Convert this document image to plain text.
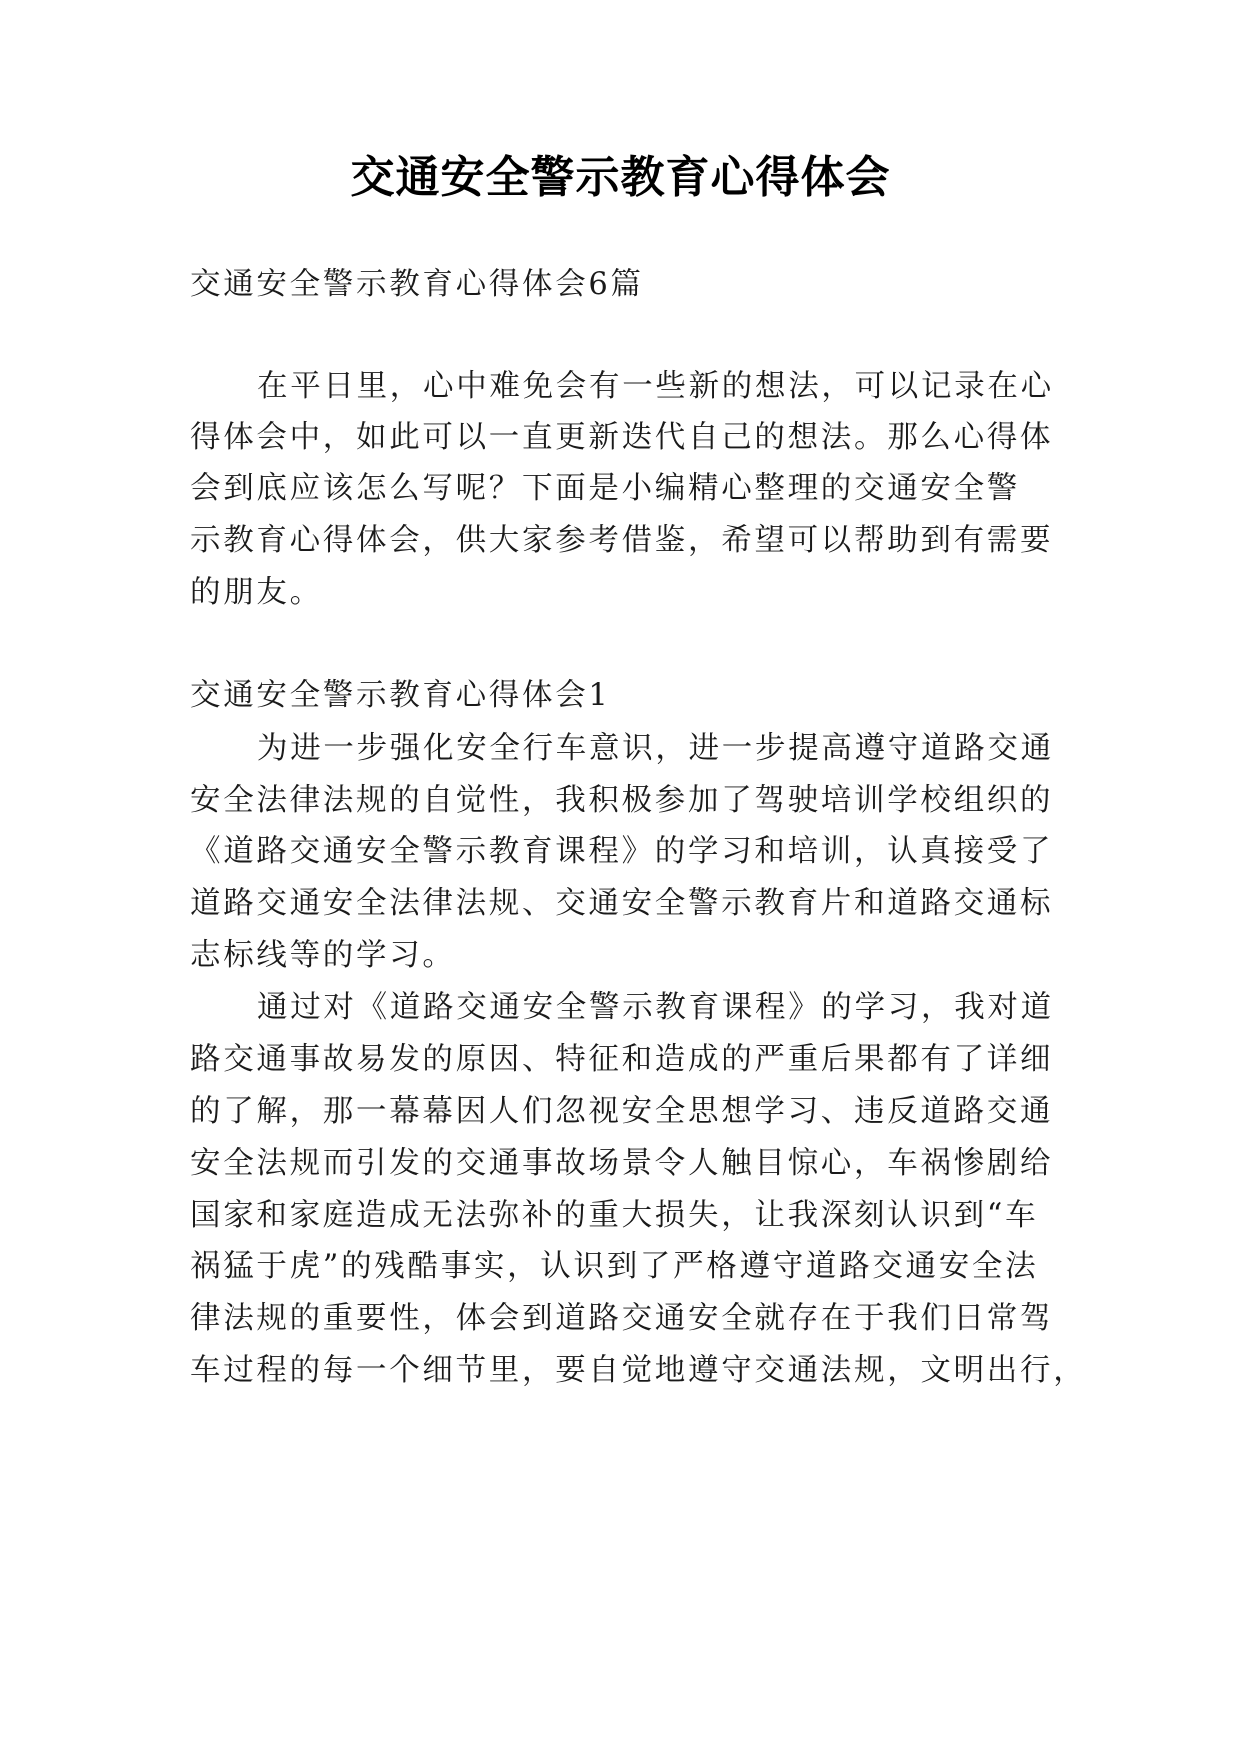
交通安全警示教育心得体会
交通安全警示教育心得体会6篇
在平日里，心中难免会有一些新的想法，可以记录在心
得体会中，如此可以一直更新迭代自己的想法。那么心得体
会到底应该怎么写呢？下面是小编精心整理的交通安全警
示教育心得体会，供大家参考借鉴，希望可以帮助到有需要
的朋友。
交通安全警示教育心得体会1
为进一步强化安全行车意识，进一步提高遵守道路交通
安全法律法规的自觉性，我积极参加了驾驶培训学校组织的
《道路交通安全警示教育课程》的学习和培训，认真接受了
道路交通安全法律法规、交通安全警示教育片和道路交通标
志标线等的学习。
通过对《道路交通安全警示教育课程》的学习，我对道
路交通事故易发的原因、特征和造成的严重后果都有了详细
的了解，那一幕幕因人们忽视安全思想学习、违反道路交通
安全法规而引发的交通事故场景令人触目惊心，车祸惨剧给
国家和家庭造成无法弥补的重大损失，让我深刻认识到“车
祸猛于虎”的残酷事实，认识到了严格遵守道路交通安全法
律法规的重要性，体会到道路交通安全就存在于我们日常驾
车过程的每一个细节里，要自觉地遵守交通法规，文明出行，
